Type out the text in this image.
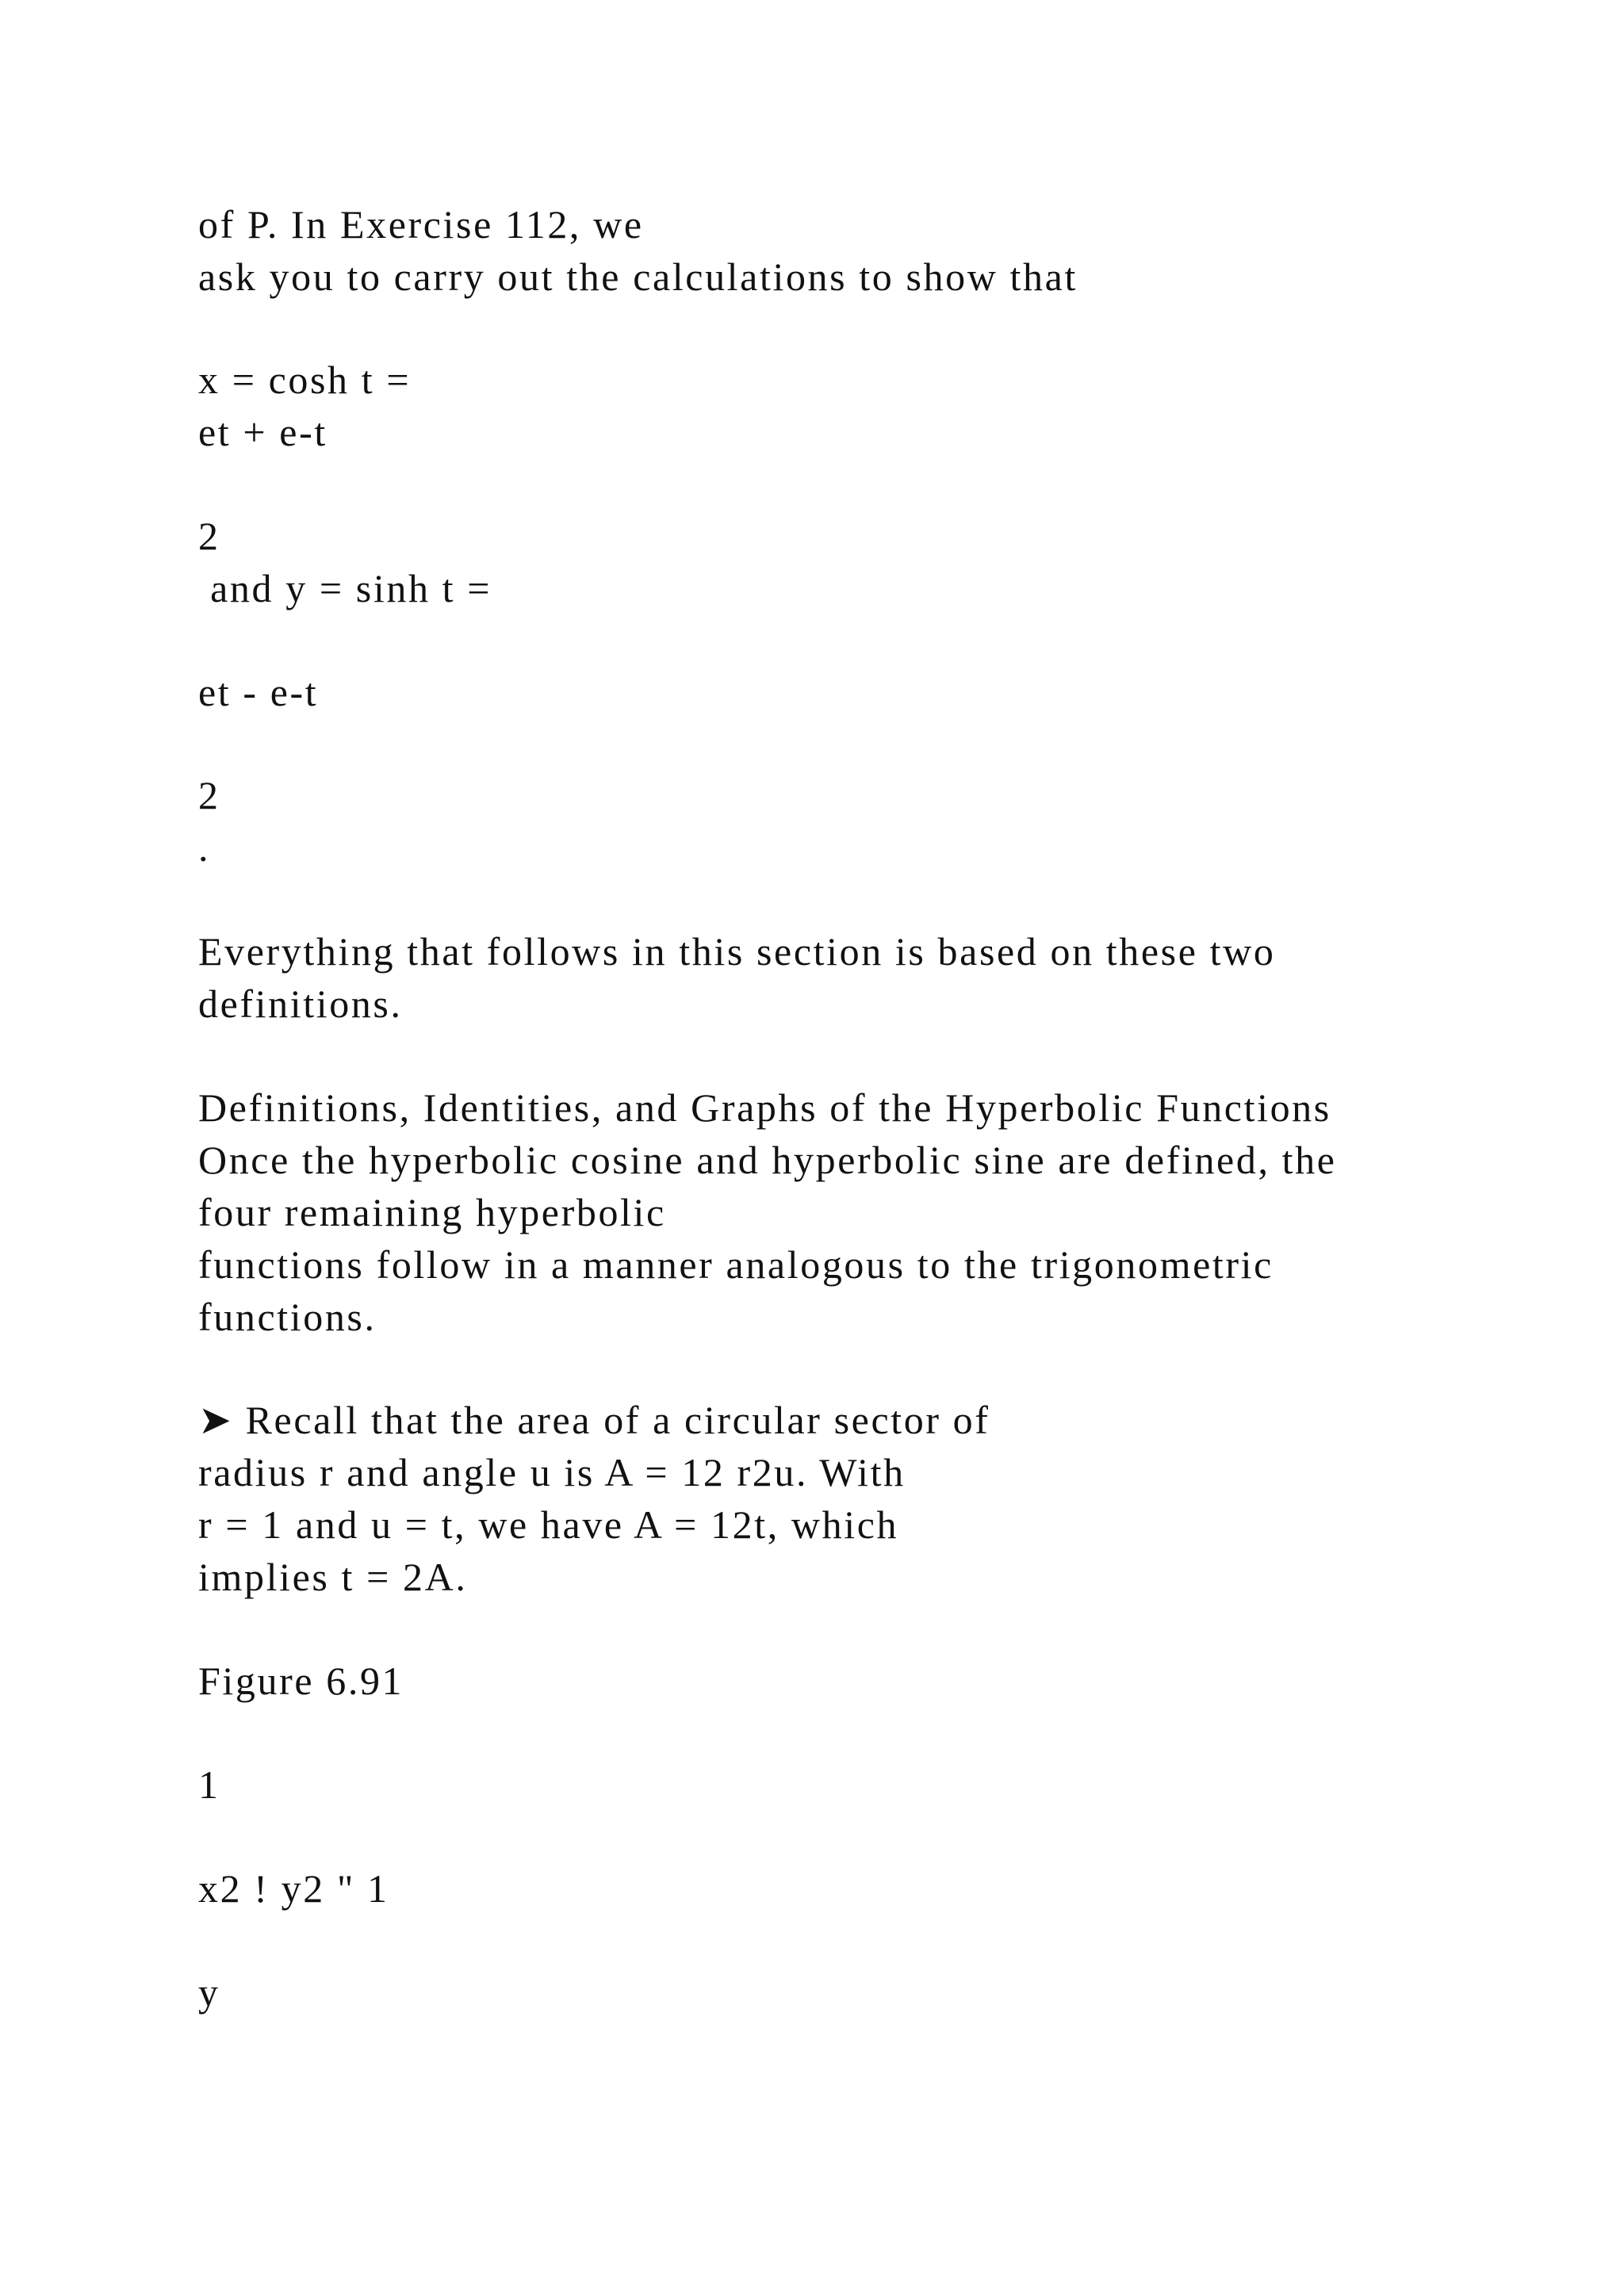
of P. In Exercise 112, we

ask you to carry out the calculations to show that

x = cosh t =

et + e-t

2

and y = sinh t =

et - e-t

2

.

Everything that follows in this section is based on these two

definitions.

Definitions, Identities, and Graphs of the Hyperbolic Functions

Once the hyperbolic cosine and hyperbolic sine are defined, the

four remaining hyperbolic

functions follow in a manner analogous to the trigonometric

functions.

➤ Recall that the area of a circular sector of

radius r and angle u is A = 12 r2u. With

r = 1 and u = t, we have A = 12t, which

implies t = 2A.

Figure 6.91

1

x2 ! y2 " 1

y
